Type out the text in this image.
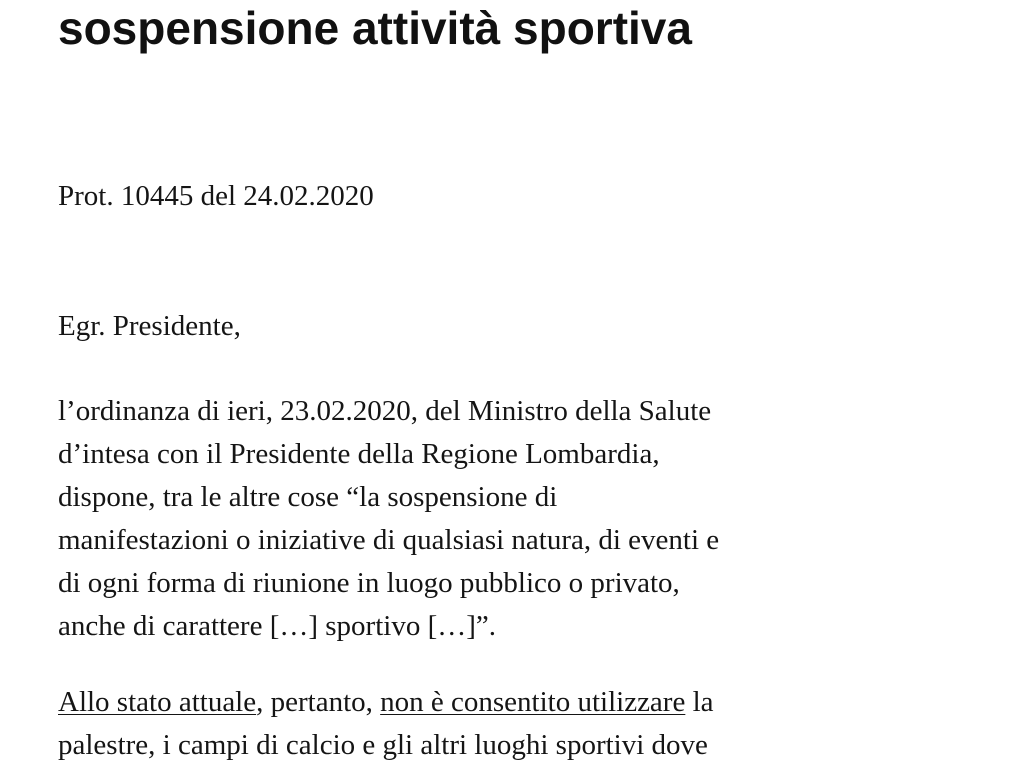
sospensione attività sportiva
Prot. 10445 del 24.02.2020
Egr. Presidente,
l’ordinanza di ieri, 23.02.2020, del Ministro della Salute
d’intesa con il Presidente della Regione Lombardia,
dispone, tra le altre cose “la sospensione di
manifestazioni o iniziative di qualsiasi natura, di eventi e
di ogni forma di riunione in luogo pubblico o privato,
anche di carattere […] sportivo […]”.
Allo stato attuale, pertanto, non è consentito utilizzare la
palestre, i campi di calcio e gli altri luoghi sportivi dove
